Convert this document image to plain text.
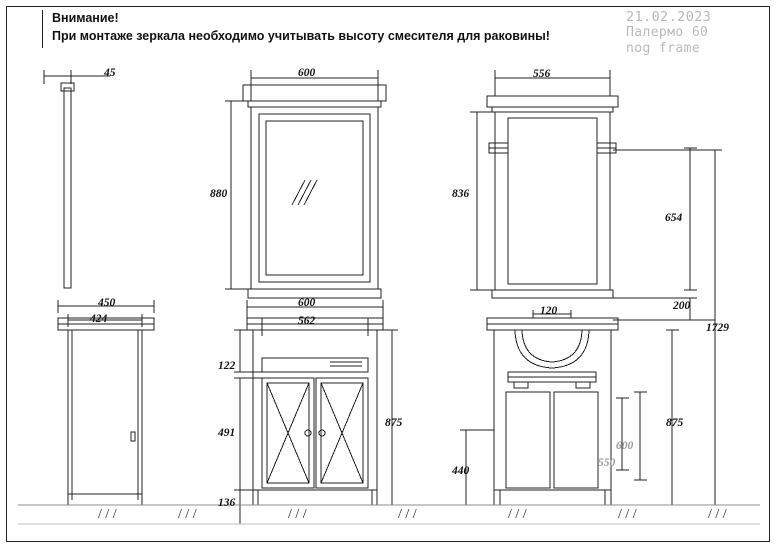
Внимание!
При монтаже зеркала необходимо учитывать высоту смесителя для раковины!
21.02.2023
Палермо 60
nog frame
45
450
424
600
880
600
562
122
491
875
136
556
836
654
200
1729
120
875
600
550
440
/ / /	/ / /	/ / /	/ / /	/ / /	/ / /	/ / /
